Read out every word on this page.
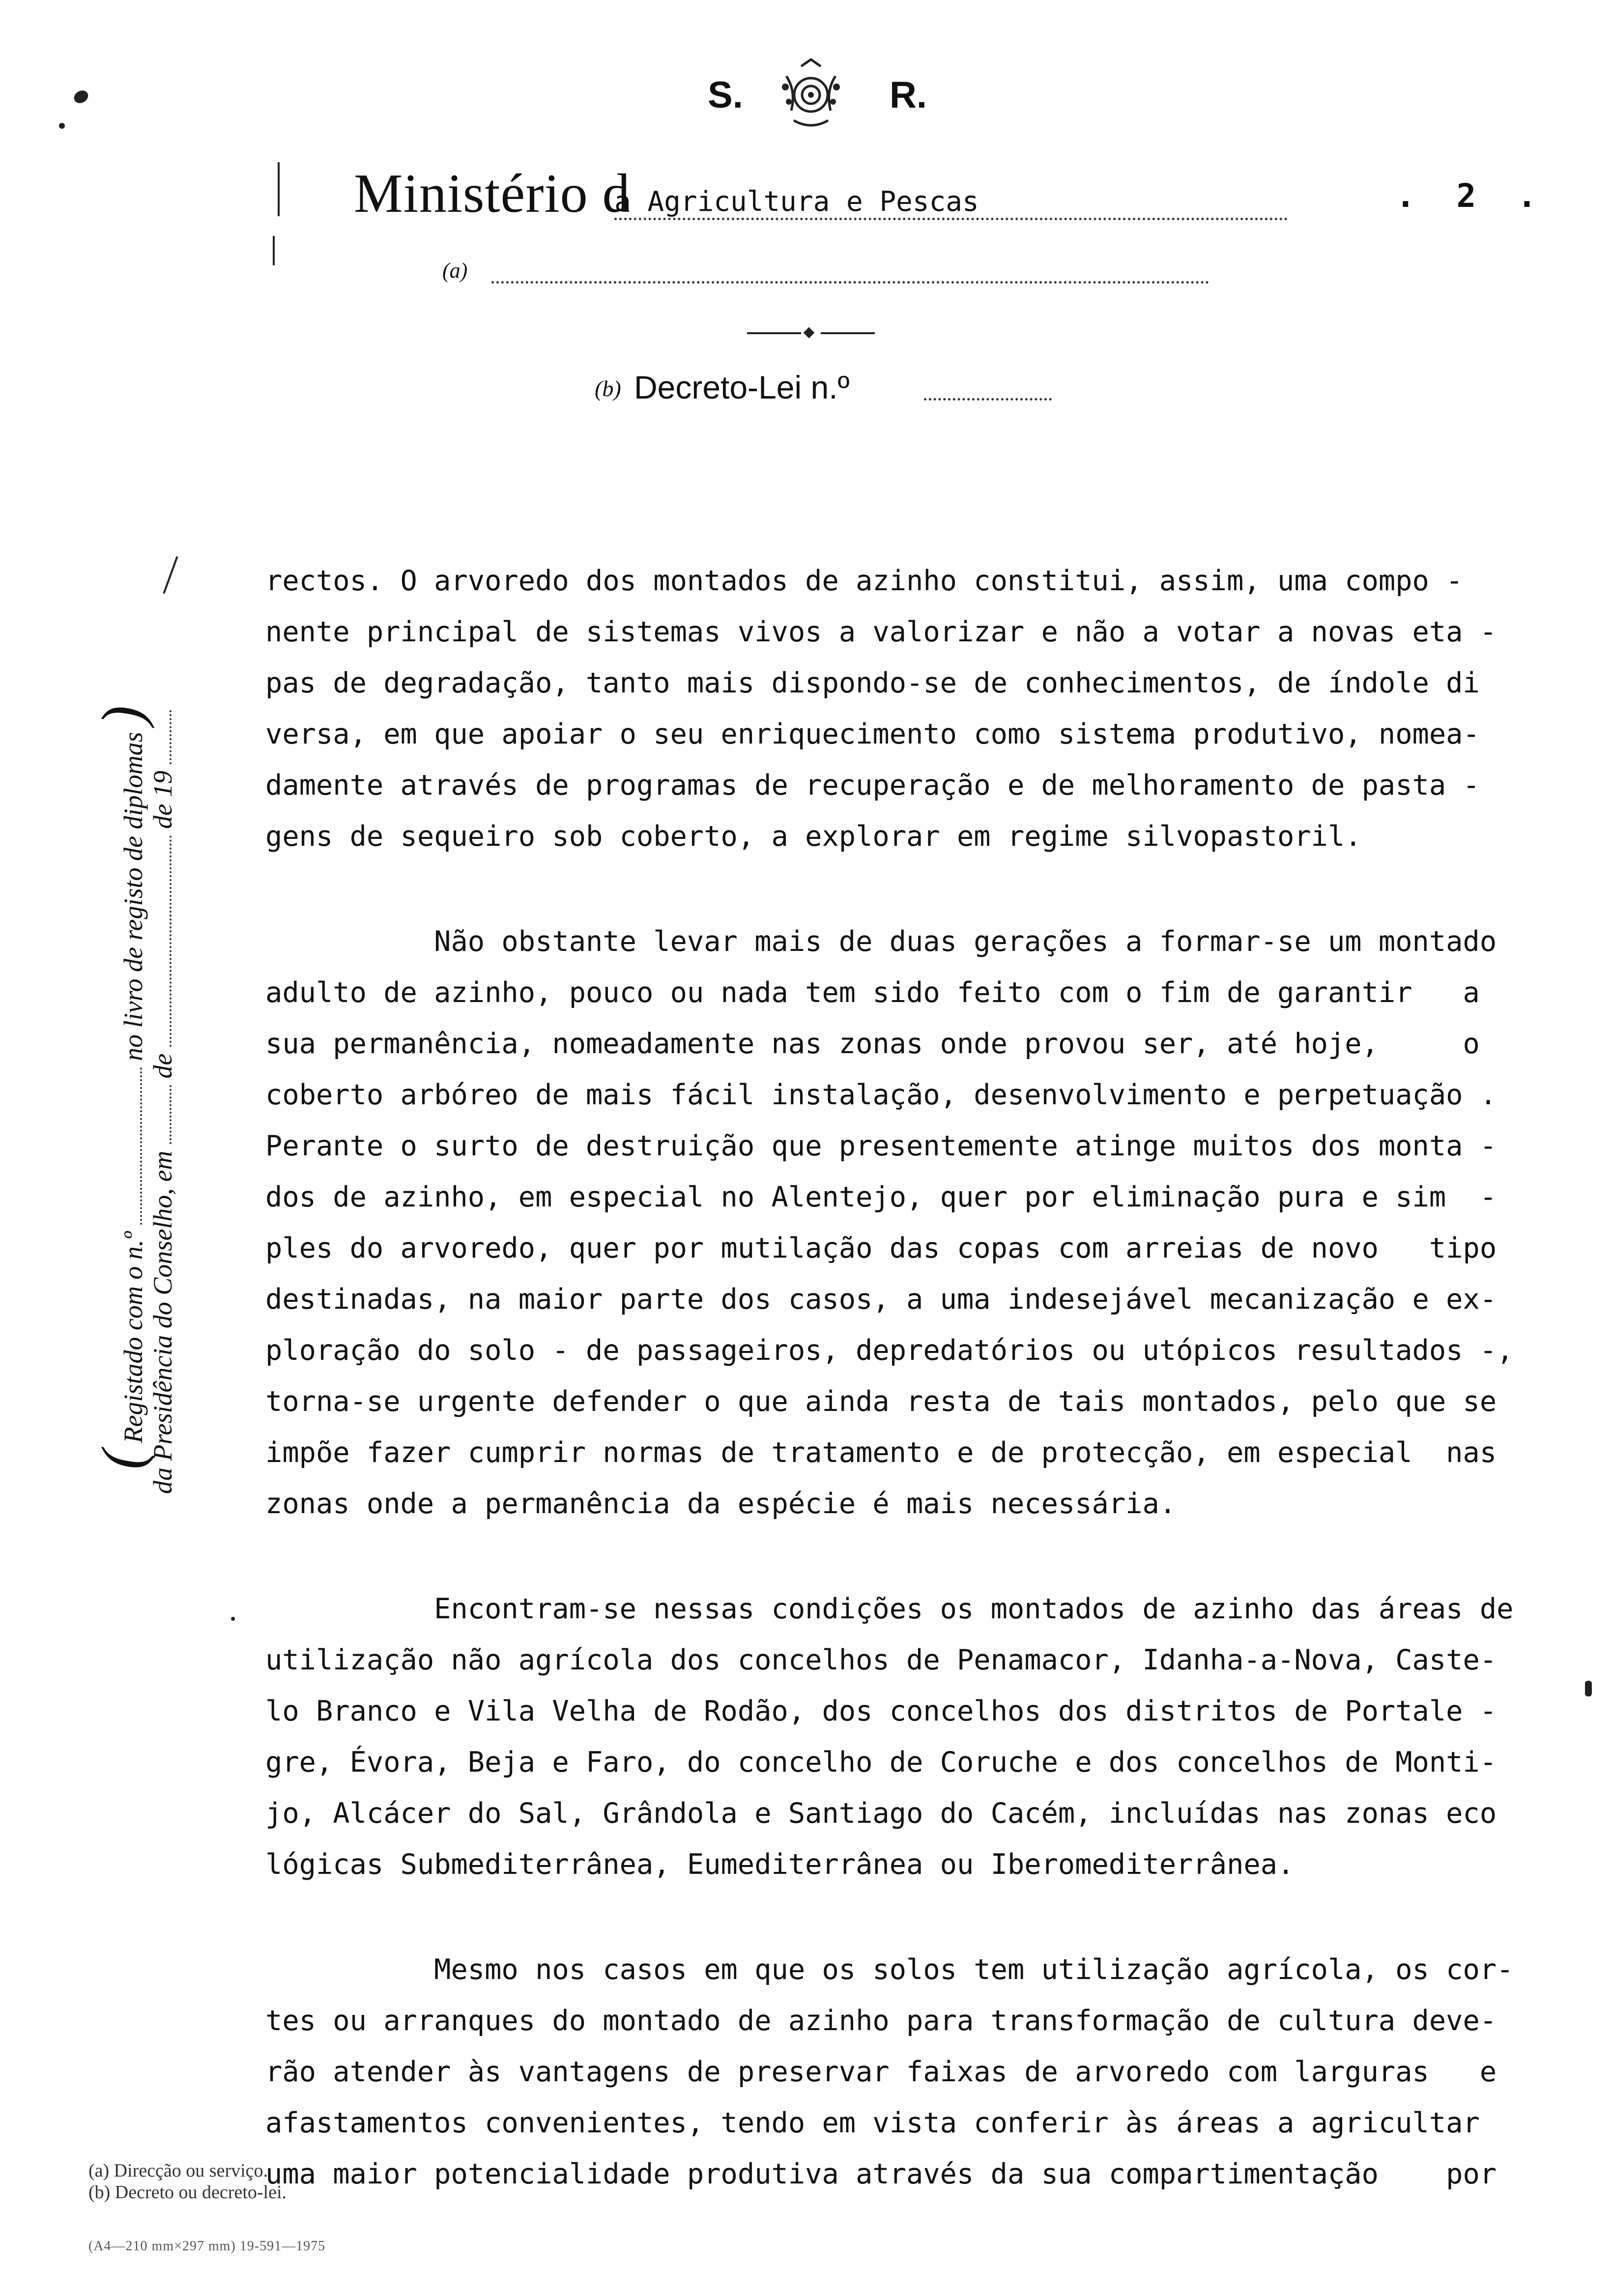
S.	R.
Ministério d
a Agricultura e Pescas	. 2 .
(a)
(b) Decreto-Lei n.º
( Registado com o n.º  no livro de registo de diplomas )
da Presidência do Conselho, em  de  de 19
rectos. O arvoredo dos montados de azinho constitui, assim, uma compo -
nente principal de sistemas vivos a valorizar e não a votar a novas eta -
pas de degradação, tanto mais dispondo-se de conhecimentos, de índole di
versa, em que apoiar o seu enriquecimento como sistema produtivo, nomea-
damente através de programas de recuperação e de melhoramento de pasta -
gens de sequeiro sob coberto, a explorar em regime silvopastoril.
Não obstante levar mais de duas gerações a formar-se um montado
adulto de azinho, pouco ou nada tem sido feito com o fim de garantir   a
sua permanência, nomeadamente nas zonas onde provou ser, até hoje,     o
coberto arbóreo de mais fácil instalação, desenvolvimento e perpetuação .
Perante o surto de destruição que presentemente atinge muitos dos monta -
dos de azinho, em especial no Alentejo, quer por eliminação pura e sim  -
ples do arvoredo, quer por mutilação das copas com arreias de novo   tipo
destinadas, na maior parte dos casos, a uma indesejável mecanização e ex-
ploração do solo - de passageiros, depredatórios ou utópicos resultados -,
torna-se urgente defender o que ainda resta de tais montados, pelo que se
impõe fazer cumprir normas de tratamento e de protecção, em especial  nas
zonas onde a permanência da espécie é mais necessária.
Encontram-se nessas condições os montados de azinho das áreas de
utilização não agrícola dos concelhos de Penamacor, Idanha-a-Nova, Caste-
lo Branco e Vila Velha de Rodão, dos concelhos dos distritos de Portale -
gre, Évora, Beja e Faro, do concelho de Coruche e dos concelhos de Monti-
jo, Alcácer do Sal, Grândola e Santiago do Cacém, incluídas nas zonas eco
lógicas Submediterrânea, Eumediterrânea ou Iberomediterrânea.
Mesmo nos casos em que os solos tem utilização agrícola, os cor-
tes ou arranques do montado de azinho para transformação de cultura deve-
rão atender às vantagens de preservar faixas de arvoredo com larguras   e
afastamentos convenientes, tendo em vista conferir às áreas a agricultar
uma maior potencialidade produtiva através da sua compartimentação    por
(a) Direcção ou serviço.
(b) Decreto ou decreto-lei.
(A4—210 mm×297 mm) 19-591—1975
